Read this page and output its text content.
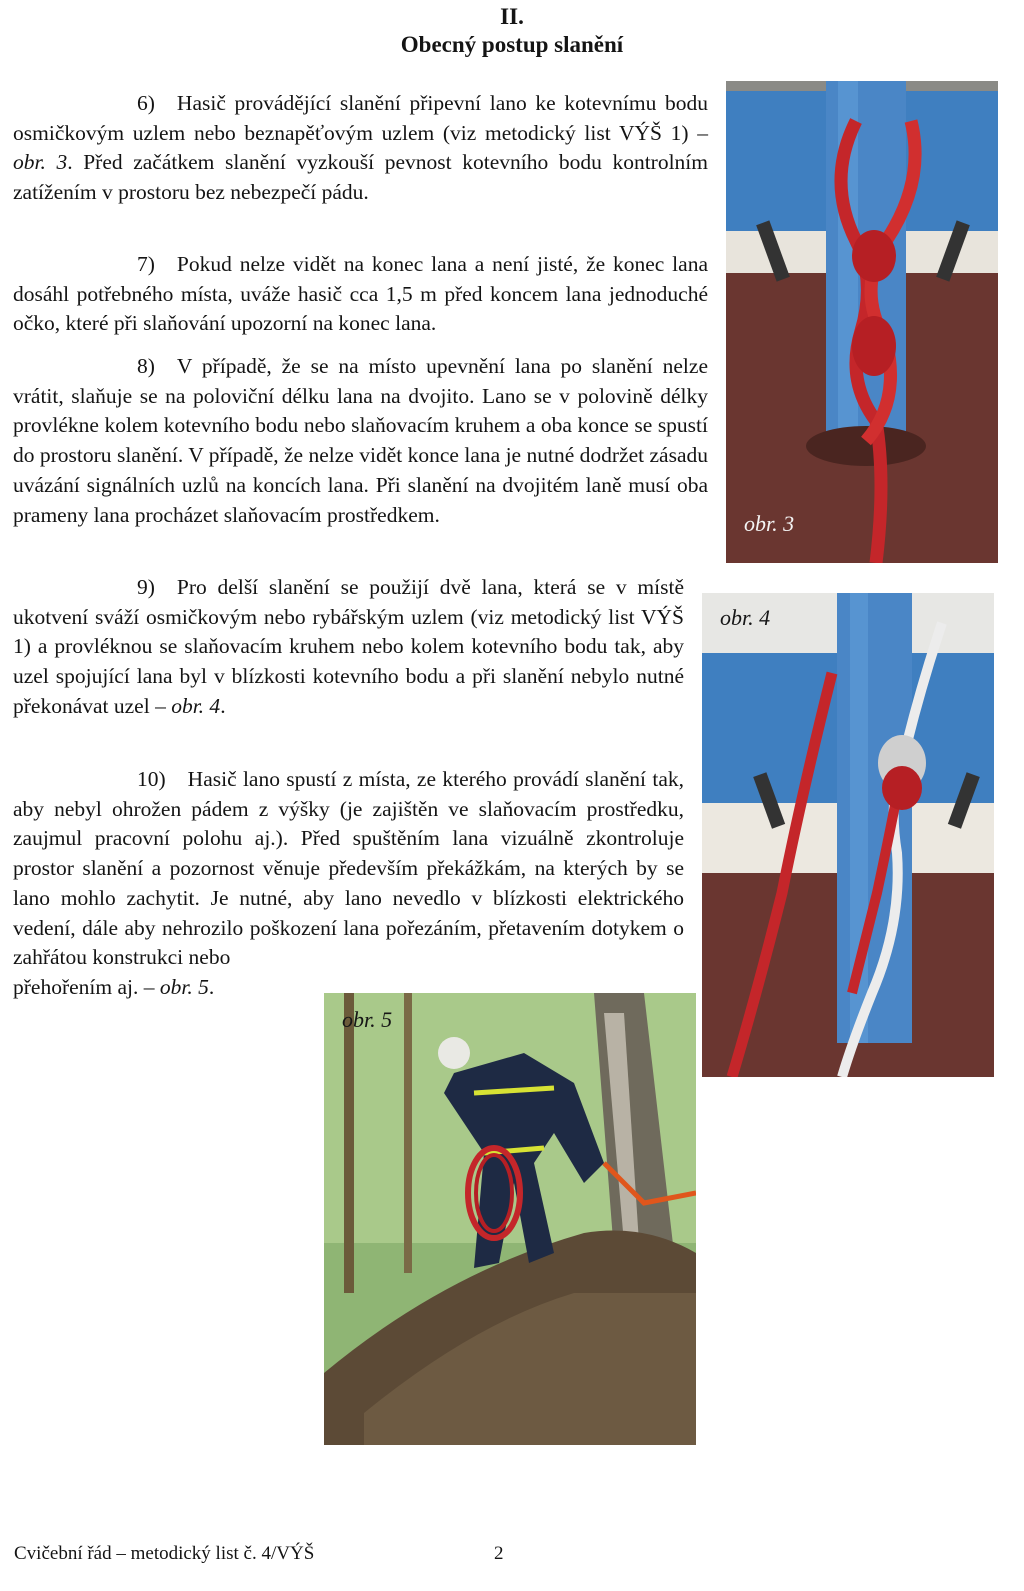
II.

Obecný postup slanění

6) Hasič provádějící slanění připevní lano ke kotevnímu bodu osmičkovým uzlem nebo beznapěťovým uzlem (viz metodický list VÝŠ 1) – obr. 3. Před začátkem slanění vyzkouší pevnost kotevního bodu kontrolním zatížením v prostoru bez nebezpečí pádu.

7) Pokud nelze vidět na konec lana a není jisté, že konec lana dosáhl potřebného místa, uváže hasič cca 1,5 m před koncem lana jednoduché očko, které při slaňování upozorní na konec lana.

8) V případě, že se na místo upevnění lana po slanění nelze vrátit, slaňuje se na poloviční délku lana na dvojito. Lano se v polovině délky provlékne kolem kotevního bodu nebo slaňovacím kruhem a oba konce se spustí do prostoru slanění. V případě, že nelze vidět konce lana je nutné dodržet zásadu uvázání signálních uzlů na koncích lana. Při slanění na dvojitém laně musí oba prameny lana procházet slaňovacím prostředkem.

9) Pro delší slanění se použijí dvě lana, která se v místě ukotvení sváží osmičkovým nebo rybářským uzlem (viz metodický list VÝŠ 1) a provléknou se slaňovacím kruhem nebo kolem kotevního bodu tak, aby uzel spojující lana byl v blízkosti kotevního bodu a při slanění nebylo nutné překonávat uzel – obr. 4.

10) Hasič lano spustí z místa, ze kterého provádí slanění tak, aby nebyl ohrožen pádem z výšky (je zajištěn ve slaňovacím prostředku, zaujmul pracovní polohu aj.). Před spuštěním lana vizuálně zkontroluje prostor slanění a pozornost věnuje především překážkám, na kterých by se lano mohlo zachytit. Je nutné, aby lano nevedlo v blízkosti elektrického vedení, dále aby nehrozilo poškození lana pořezáním, přetavením dotykem o zahřátou konstrukci nebo
přehořením aj. – obr. 5.

obr. 3
obr. 4
obr. 5

Cvičební řád – metodický list č. 4/VÝŠ	2
